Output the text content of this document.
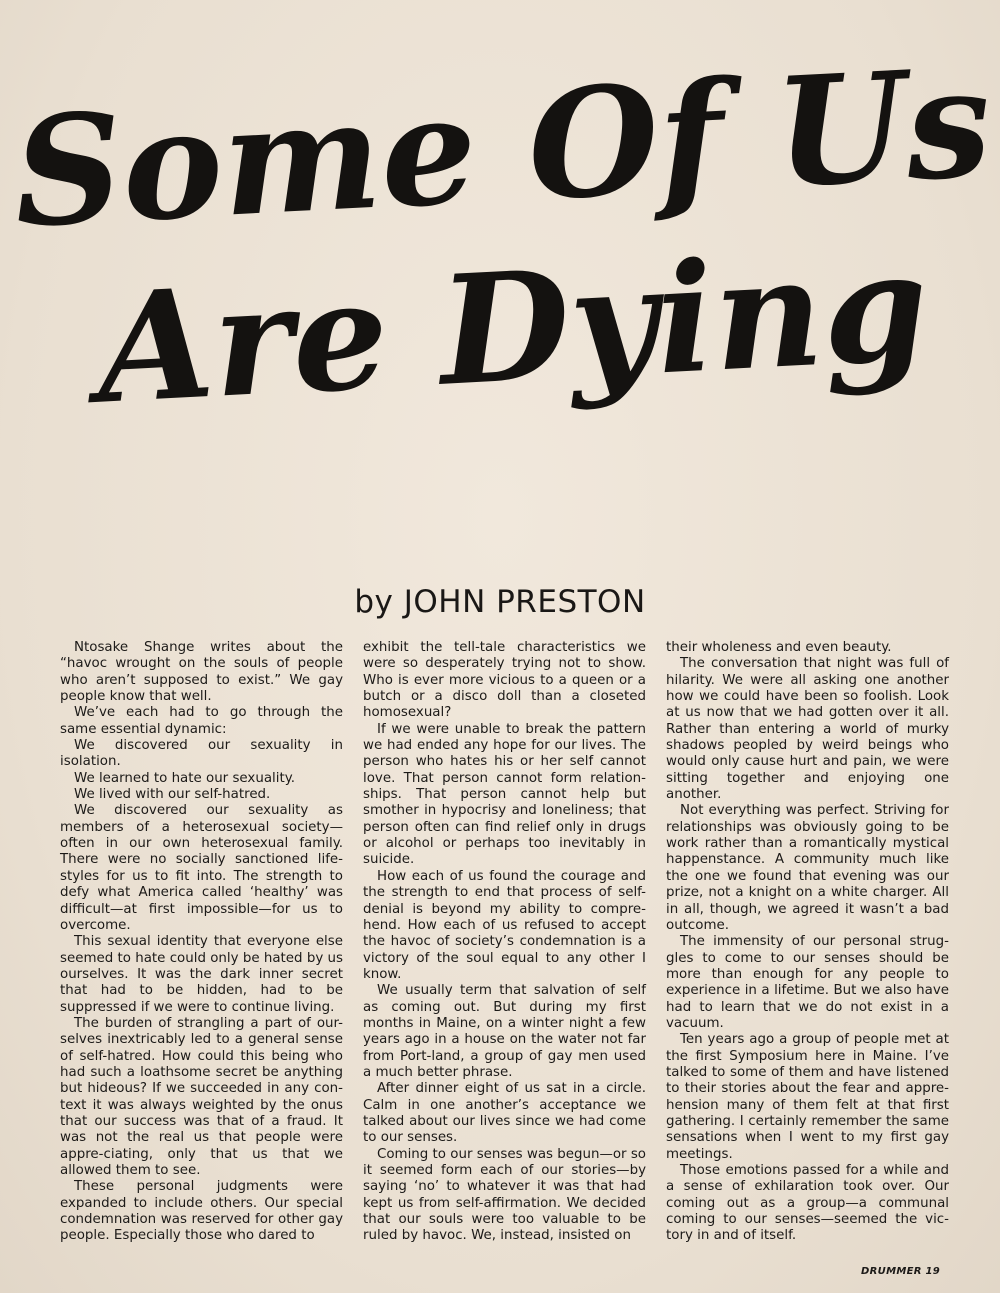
Some Of Us
Are Dying
by JOHN PRESTON

Ntosake Shange writes about the “havoc wrought on the souls of people who aren’t supposed to exist.” We gay people know that well.

We’ve each had to go through the same essential dynamic:

We discovered our sexuality in isolation.

We learned to hate our sexuality.

We lived with our self-hatred.

We discovered our sexuality as members of a heterosexual society—often in our own heterosexual family. There were no socially sanctioned life-styles for us to fit into. The strength to defy what America called ‘healthy’ was difficult—at first impossible—for us to overcome.

This sexual identity that everyone else seemed to hate could only be hated by us ourselves. It was the dark inner secret that had to be hidden, had to be suppressed if we were to continue living.

The burden of strangling a part of our-selves inextricably led to a general sense of self-hatred. How could this being who had such a loathsome secret be anything but hideous? If we succeeded in any con-text it was always weighted by the onus that our success was that of a fraud. It was not the real us that people were appre-ciating, only that us that we allowed them to see.

These personal judgments were expanded to include others. Our special condemnation was reserved for other gay people. Especially those who dared to

exhibit the tell-tale characteristics we were so desperately trying not to show. Who is ever more vicious to a queen or a butch or a disco doll than a closeted homosexual?

If we were unable to break the pattern we had ended any hope for our lives. The person who hates his or her self cannot love. That person cannot form relation-ships. That person cannot help but smother in hypocrisy and loneliness; that person often can find relief only in drugs or alcohol or perhaps too inevitably in suicide.

How each of us found the courage and the strength to end that process of self-denial is beyond my ability to compre-hend. How each of us refused to accept the havoc of society’s condemnation is a victory of the soul equal to any other I know.

We usually term that salvation of self as coming out. But during my first months in Maine, on a winter night a few years ago in a house on the water not far from Port-land, a group of gay men used a much better phrase.

After dinner eight of us sat in a circle. Calm in one another’s acceptance we talked about our lives since we had come to our senses.

Coming to our senses was begun—or so it seemed form each of our stories—by saying ‘no’ to whatever it was that had kept us from self-affirmation. We decided that our souls were too valuable to be ruled by havoc. We, instead, insisted on

their wholeness and even beauty.

The conversation that night was full of hilarity. We were all asking one another how we could have been so foolish. Look at us now that we had gotten over it all. Rather than entering a world of murky shadows peopled by weird beings who would only cause hurt and pain, we were sitting together and enjoying one another.

Not everything was perfect. Striving for relationships was obviously going to be work rather than a romantically mystical happenstance. A community much like the one we found that evening was our prize, not a knight on a white charger. All in all, though, we agreed it wasn’t a bad outcome.

The immensity of our personal strug-gles to come to our senses should be more than enough for any people to experience in a lifetime. But we also have had to learn that we do not exist in a vacuum.

Ten years ago a group of people met at the first Symposium here in Maine. I’ve talked to some of them and have listened to their stories about the fear and appre-hension many of them felt at that first gathering. I certainly remember the same sensations when I went to my first gay meetings.

Those emotions passed for a while and a sense of exhilaration took over. Our coming out as a group—a communal coming to our senses—seemed the vic-tory in and of itself.

DRUMMER 19
